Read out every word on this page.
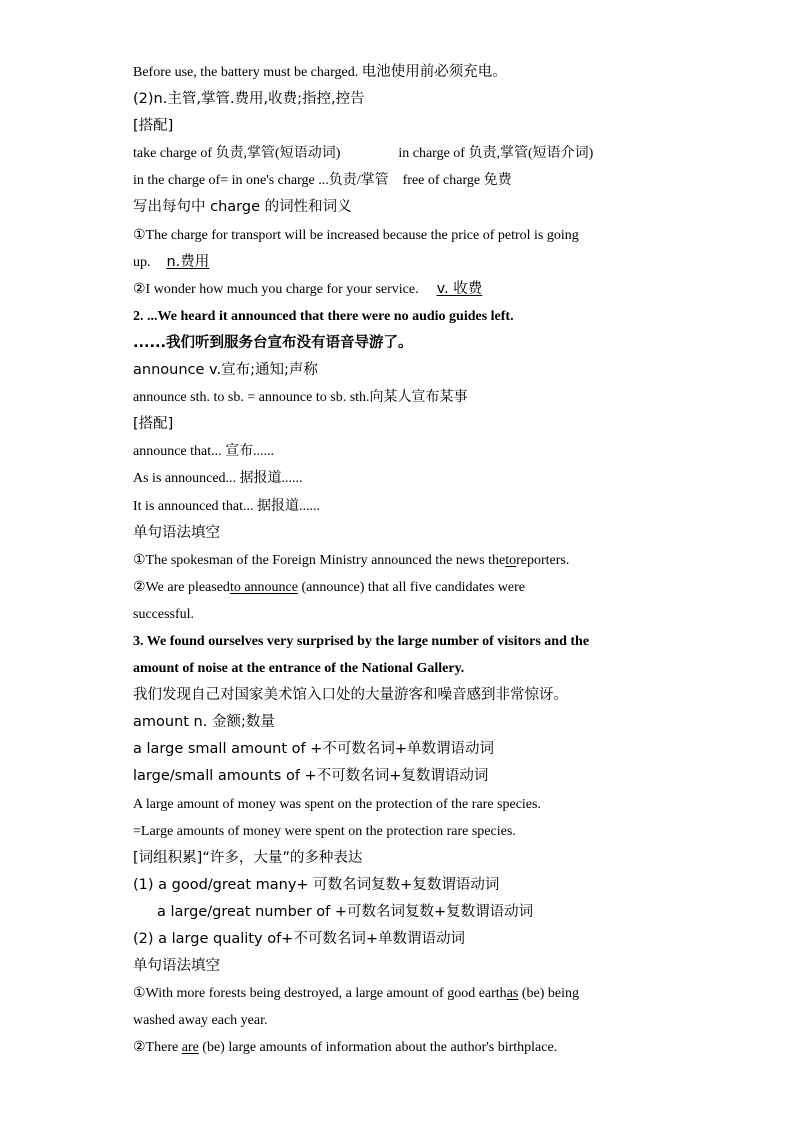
Before use, the battery must be charged. 电池使用前必须充电。
(2)n.主管,掌管.费用,收费;指控,控告
[搭配]
take charge of 负责,掌管(短语动词)	in charge of 负责,掌管(短语介词)
in the charge of= in one's charge ...负责/掌管 free of charge 免费
写出每句中 charge 的词性和词义
①The charge for transport will be increased because the price of petrol is going
up. n.费用
②I wonder how much you charge for your service. v. 收费
2. ...We heard it announced that there were no audio guides left.
......我们听到服务台宣布没有语音导游了。
announce v.宣布;通知;声称
announce sth. to sb. = announce to sb. sth.向某人宣布某事
[搭配]
announce that... 宣布......
As is announced... 据报道......
It is announced that... 据报道......
单句语法填空
①The spokesman of the Foreign Ministry announced the news thetoreporters.
②We are pleasedto announce (announce) that all five candidates were
successful.
3. We found ourselves very surprised by the large number of visitors and the
amount of noise at the entrance of the National Gallery.
我们发现自己对国家美术馆入口处的大量游客和噪音感到非常惊讶。
amount n. 金额;数量
a large small amount of +不可数名词+单数谓语动词
large/small amounts of +不可数名词+复数谓语动词
A large amount of money was spent on the protection of the rare species.
=Large amounts of money were spent on the protection rare species.
[词组积累]“许多，大量”的多种表达
(1) a good/great many+ 可数名词复数+复数谓语动词
a large/great number of +可数名词复数+复数谓语动词
(2) a large quality of+不可数名词+单数谓语动词
单句语法填空
①With more forests being destroyed, a large amount of good earthas (be) being
washed away each year.
②There are (be) large amounts of information about the author's birthplace.
